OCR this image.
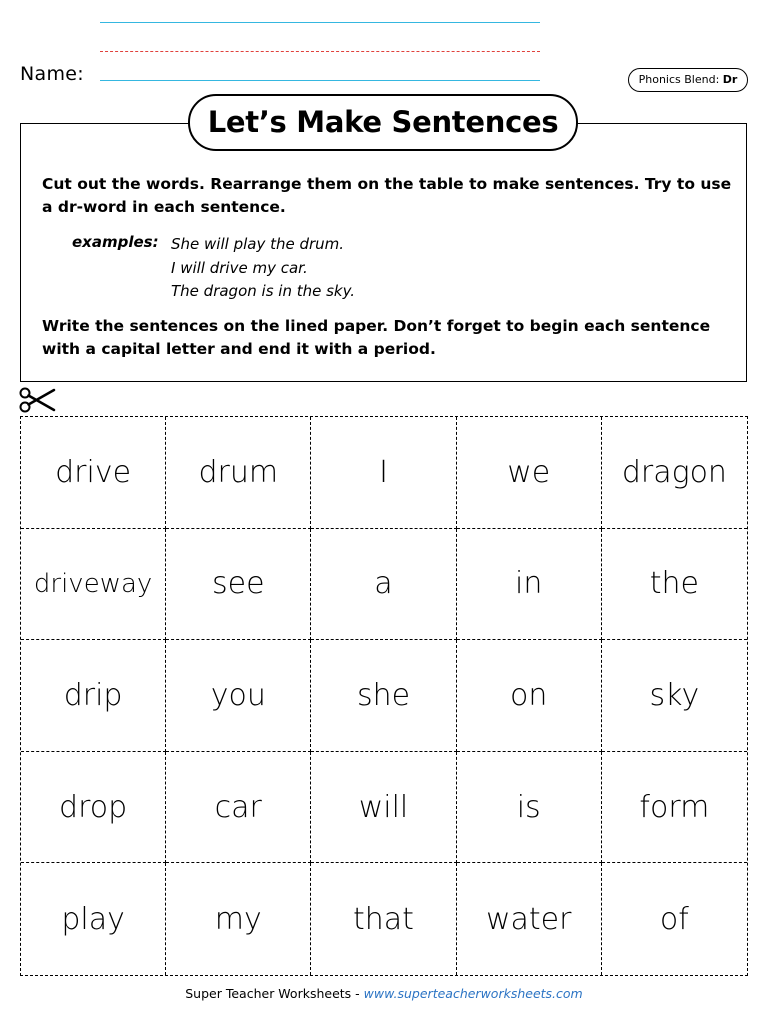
Name:	Phonics Blend: Dr
Let’s Make Sentences
Cut out the words. Rearrange them on the table to make sentences. Try to use a dr-word in each sentence.
examples: She will play the drum.
I will drive my car.
The dragon is in the sky.
Write the sentences on the lined paper. Don’t forget to begin each sentence with a capital letter and end it with a period.
drive	drum	I	we	dragon
driveway	see	a	in	the
drip	you	she	on	sky
drop	car	will	is	form
play	my	that	water	of
Super Teacher Worksheets - www.superteacherworksheets.com
